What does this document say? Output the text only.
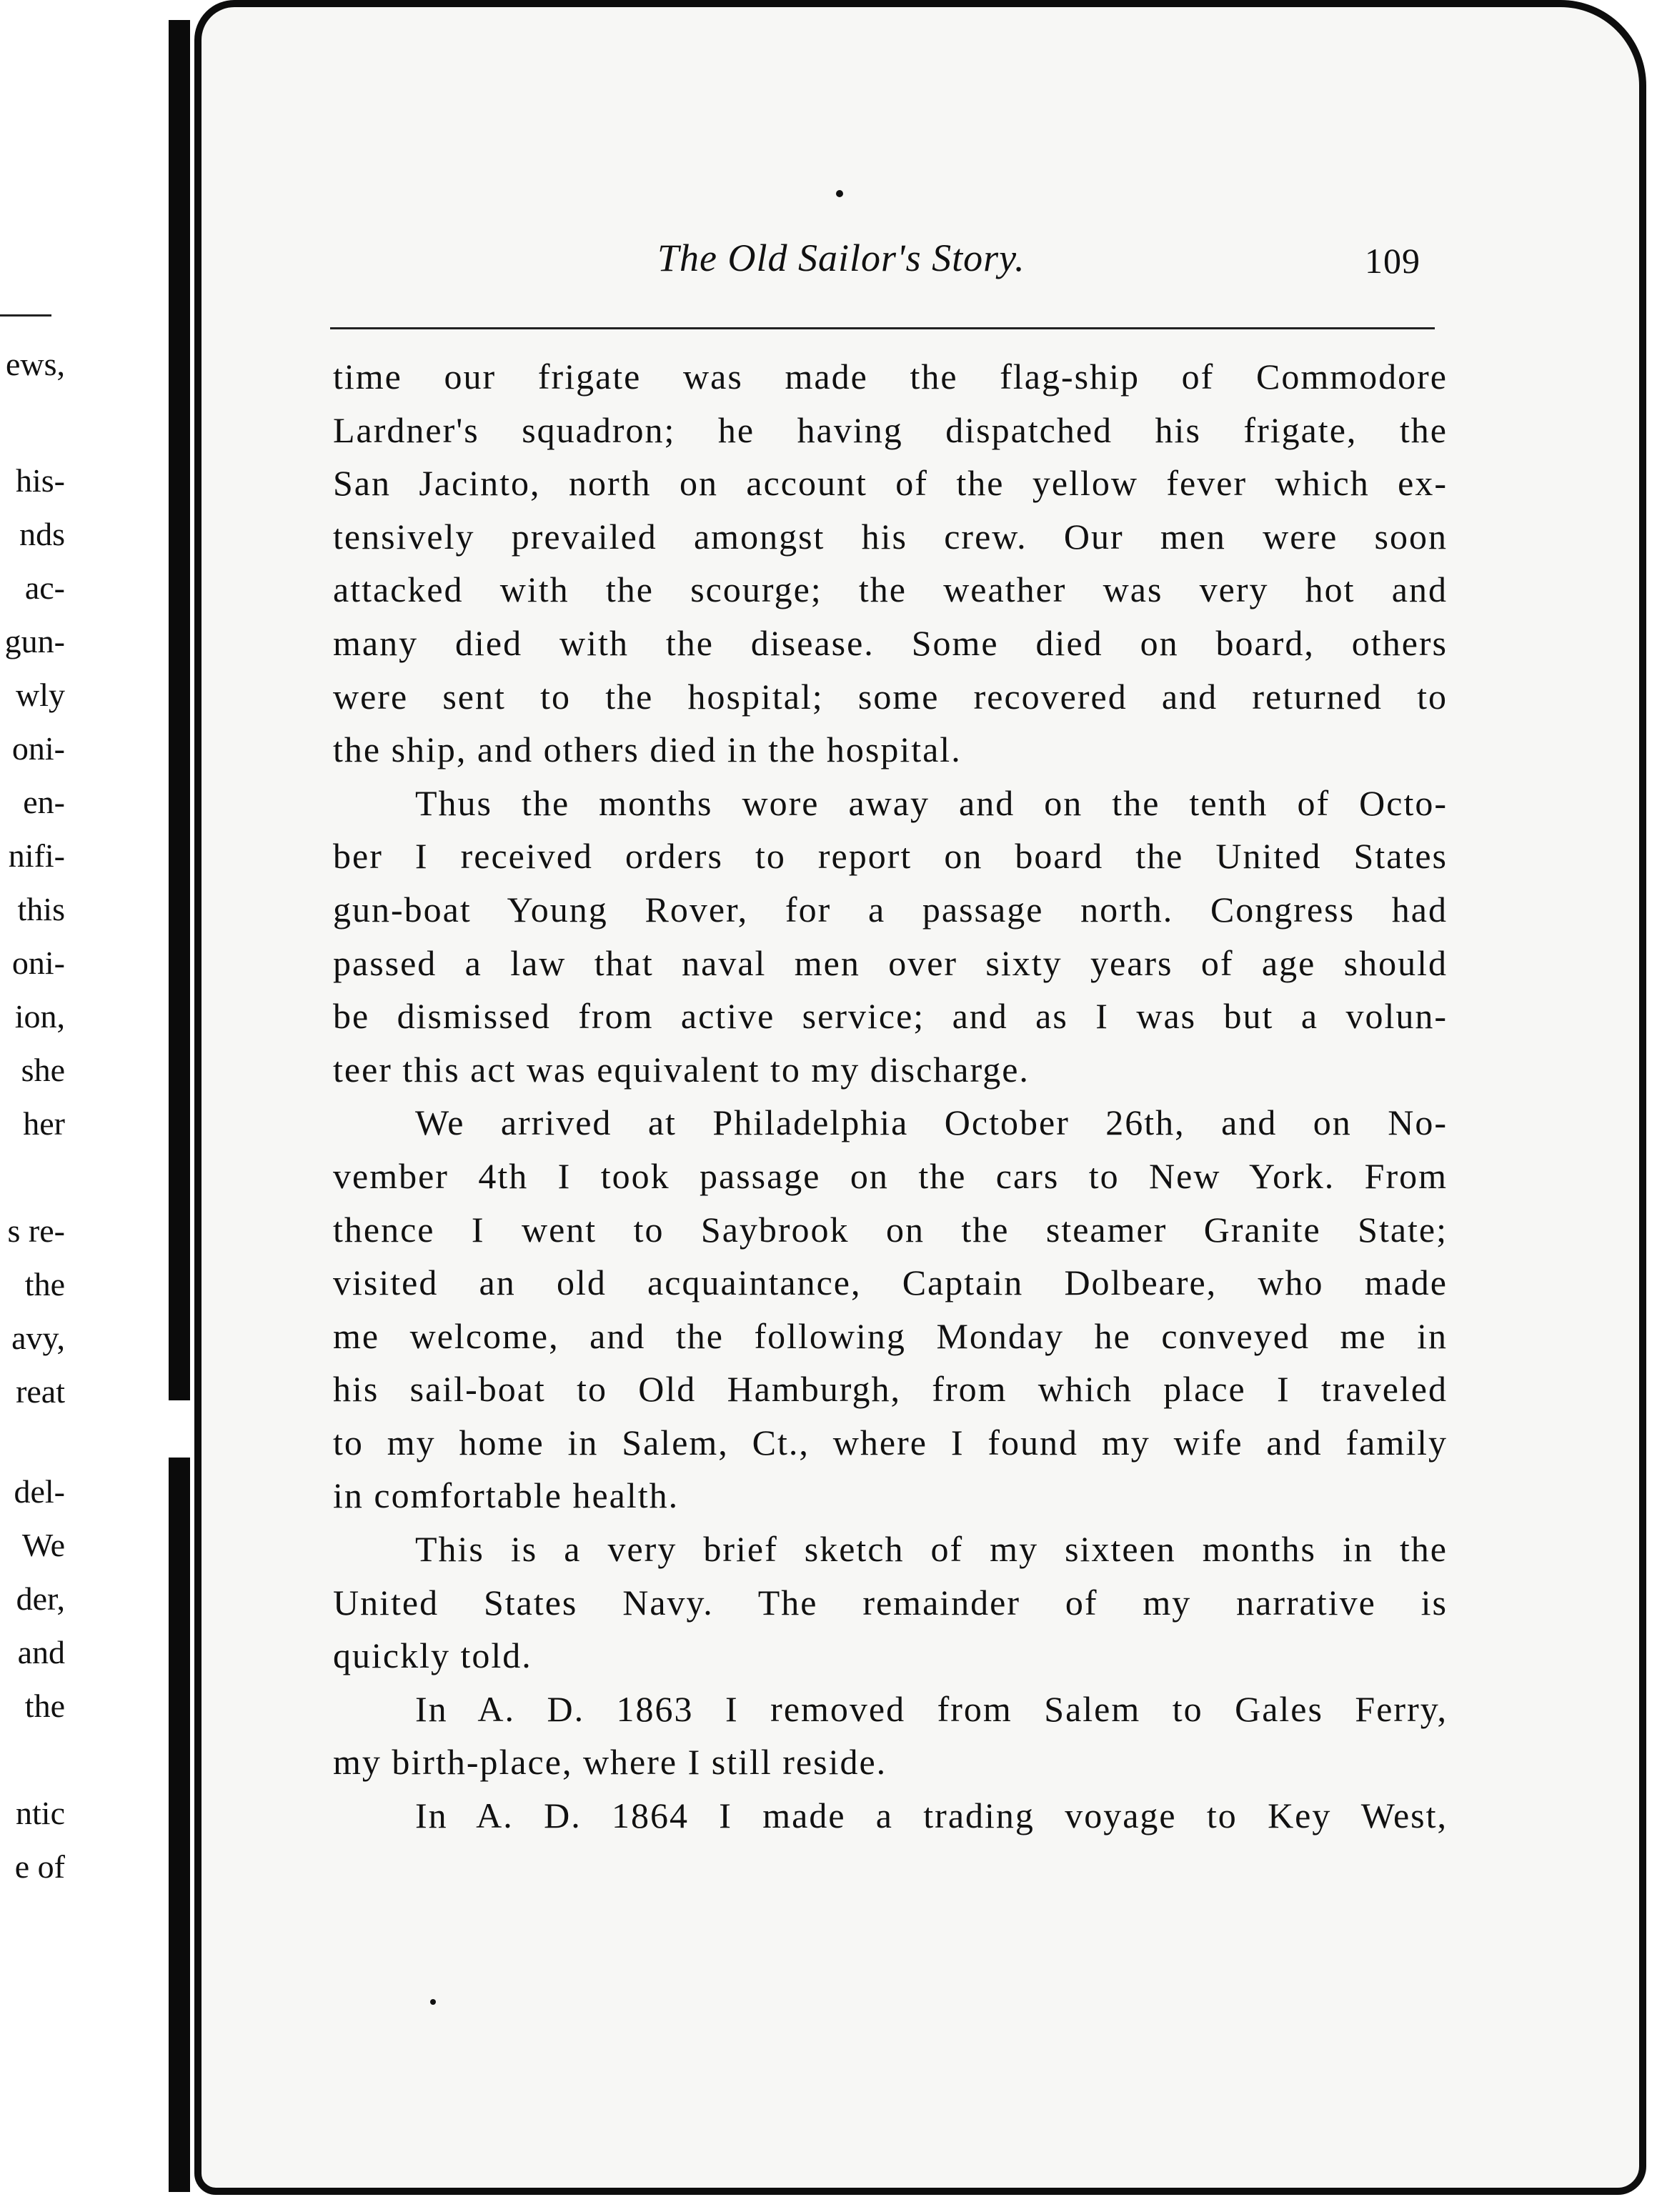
ews,
his-
nds
ac-
gun-
wly
oni-
en-
nifi-
this
oni-
ion,
she
her
s re-
the
avy,
reat
del-
We
der,
and
the
ntic
e of
The Old Sailor's Story.	109
time our frigate was made the flag-ship of Commodore
Lardner's squadron; he having dispatched his frigate, the
San Jacinto, north on account of the yellow fever which ex-
tensively prevailed amongst his crew. Our men were soon
attacked with the scourge; the weather was very hot and
many died with the disease. Some died on board, others
were sent to the hospital; some recovered and returned to
the ship, and others died in the hospital.
Thus the months wore away and on the tenth of Octo-
ber I received orders to report on board the United States
gun-boat Young Rover, for a passage north. Congress had
passed a law that naval men over sixty years of age should
be dismissed from active service; and as I was but a volun-
teer this act was equivalent to my discharge.
We arrived at Philadelphia October 26th, and on No-
vember 4th I took passage on the cars to New York. From
thence I went to Saybrook on the steamer Granite State;
visited an old acquaintance, Captain Dolbeare, who made
me welcome, and the following Monday he conveyed me in
his sail-boat to Old Hamburgh, from which place I traveled
to my home in Salem, Ct., where I found my wife and family
in comfortable health.
This is a very brief sketch of my sixteen months in the
United States Navy. The remainder of my narrative is
quickly told.
In A. D. 1863 I removed from Salem to Gales Ferry,
my birth-place, where I still reside.
In A. D. 1864 I made a trading voyage to Key West,
